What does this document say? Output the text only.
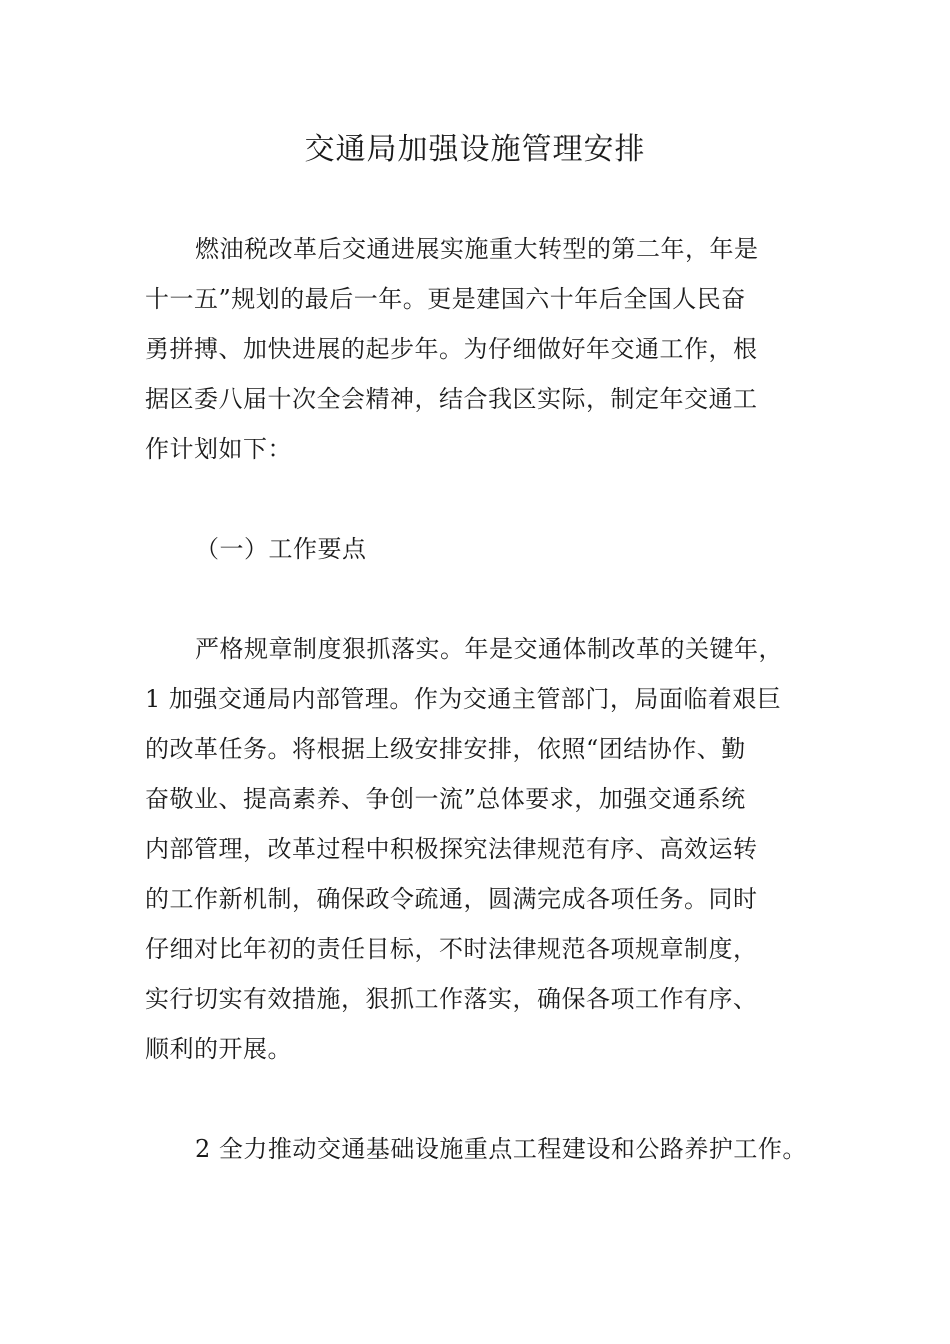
交通局加强设施管理安排
燃油税改革后交通进展实施重大转型的第二年，年是
十一五”规划的最后一年。更是建国六十年后全国人民奋
勇拼搏、加快进展的起步年。为仔细做好年交通工作，根
据区委八届十次全会精神，结合我区实际，制定年交通工
作计划如下：
（一）工作要点
严格规章制度狠抓落实。年是交通体制改革的关键年，
1 加强交通局内部管理。作为交通主管部门，局面临着艰巨
的改革任务。将根据上级安排安排，依照“团结协作、勤
奋敬业、提高素养、争创一流”总体要求，加强交通系统
内部管理，改革过程中积极探究法律规范有序、高效运转
的工作新机制，确保政令疏通，圆满完成各项任务。同时
仔细对比年初的责任目标，不时法律规范各项规章制度，
实行切实有效措施，狠抓工作落实，确保各项工作有序、
顺利的开展。
2 全力推动交通基础设施重点工程建设和公路养护工作。
